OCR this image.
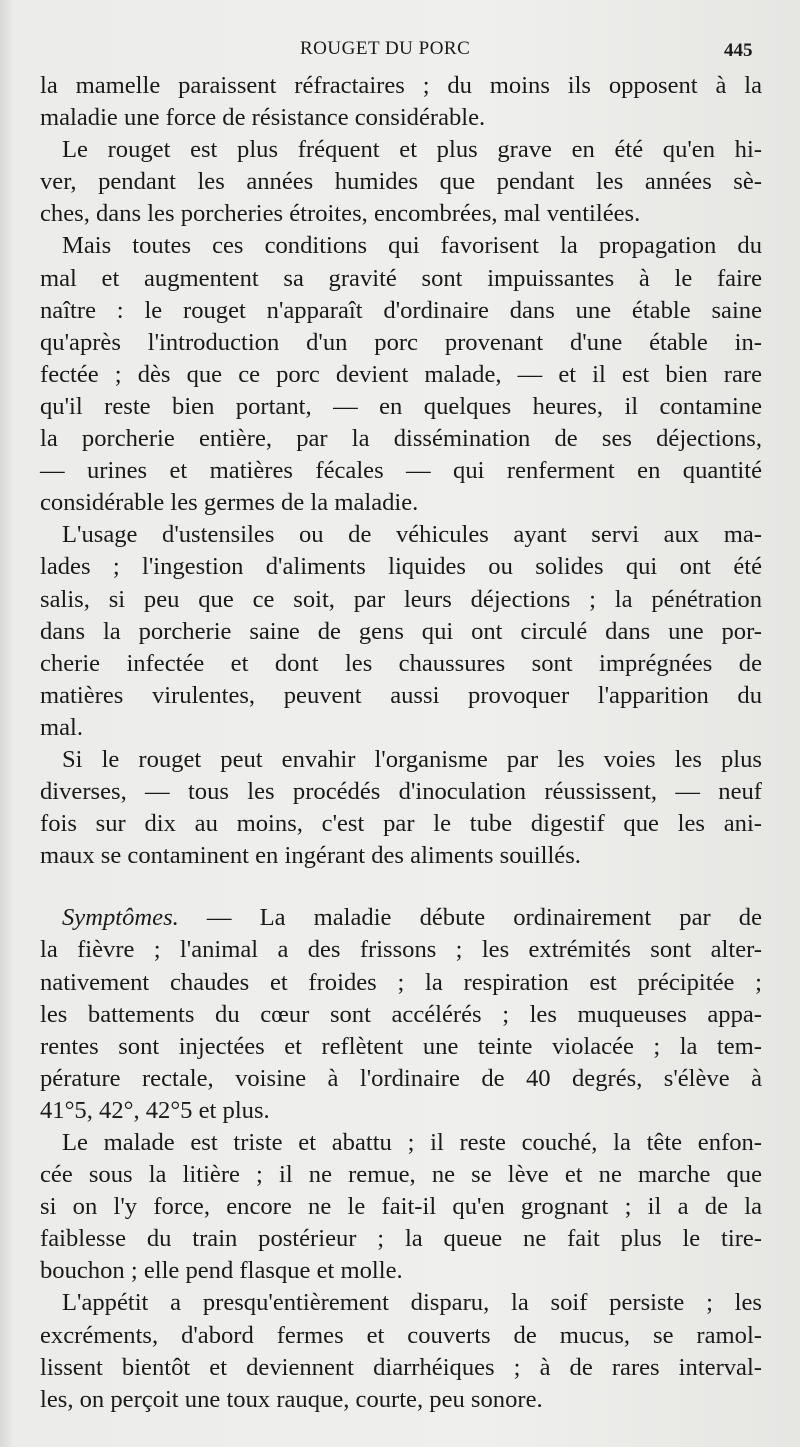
ROUGET DU PORC	445
la mamelle paraissent réfractaires ; du moins ils opposent à la
maladie une force de résistance considérable.
Le rouget est plus fréquent et plus grave en été qu'en hi-
ver, pendant les années humides que pendant les années sè-
ches, dans les porcheries étroites, encombrées, mal ventilées.
Mais toutes ces conditions qui favorisent la propagation du
mal et augmentent sa gravité sont impuissantes à le faire
naître : le rouget n'apparaît d'ordinaire dans une étable saine
qu'après l'introduction d'un porc provenant d'une étable in-
fectée ; dès que ce porc devient malade, — et il est bien rare
qu'il reste bien portant, — en quelques heures, il contamine
la porcherie entière, par la dissémination de ses déjections,
— urines et matières fécales — qui renferment en quantité
considérable les germes de la maladie.
L'usage d'ustensiles ou de véhicules ayant servi aux ma-
lades ; l'ingestion d'aliments liquides ou solides qui ont été
salis, si peu que ce soit, par leurs déjections ; la pénétration
dans la porcherie saine de gens qui ont circulé dans une por-
cherie infectée et dont les chaussures sont imprégnées de
matières virulentes, peuvent aussi provoquer l'apparition du
mal.
Si le rouget peut envahir l'organisme par les voies les plus
diverses, — tous les procédés d'inoculation réussissent, — neuf
fois sur dix au moins, c'est par le tube digestif que les ani-
maux se contaminent en ingérant des aliments souillés.
Symptômes. — La maladie débute ordinairement par de
la fièvre ; l'animal a des frissons ; les extrémités sont alter-
nativement chaudes et froides ; la respiration est précipitée ;
les battements du cœur sont accélérés ; les muqueuses appa-
rentes sont injectées et reflètent une teinte violacée ; la tem-
pérature rectale, voisine à l'ordinaire de 40 degrés, s'élève à
41°5, 42°, 42°5 et plus.
Le malade est triste et abattu ; il reste couché, la tête enfon-
cée sous la litière ; il ne remue, ne se lève et ne marche que
si on l'y force, encore ne le fait-il qu'en grognant ; il a de la
faiblesse du train postérieur ; la queue ne fait plus le tire-
bouchon ; elle pend flasque et molle.
L'appétit a presqu'entièrement disparu, la soif persiste ; les
excréments, d'abord fermes et couverts de mucus, se ramol-
lissent bientôt et deviennent diarrhéiques ; à de rares interval-
les, on perçoit une toux rauque, courte, peu sonore.
